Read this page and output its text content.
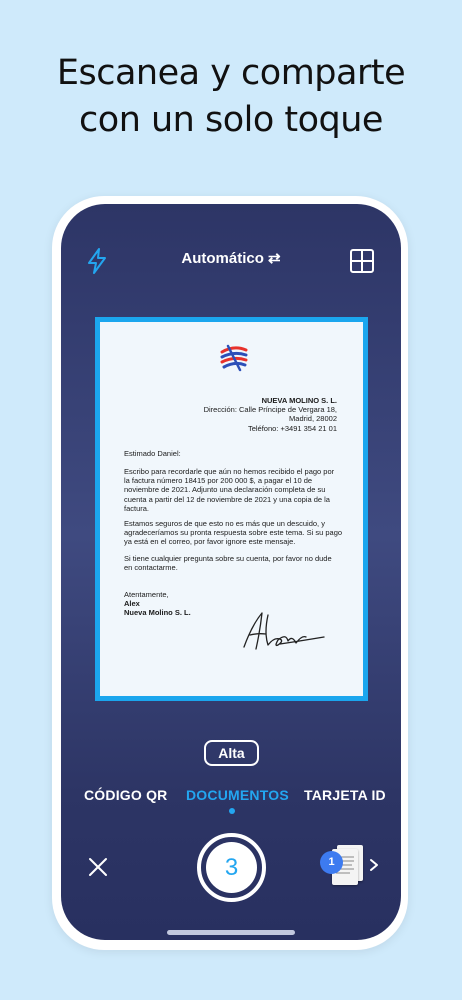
Escanea y comparte
con un solo toque
Automático ⇄
NUEVA MOLINO S. L.
Dirección: Calle Príncipe de Vergara 18,
Madrid, 28002
Teléfono: +3491 354 21 01
Estimado Daniel:
Escribo para recordarle que aún no hemos recibido el pago por
la factura número 18415 por 200 000 $, a pagar el 10 de
noviembre de 2021. Adjunto una declaración completa de su
cuenta a partir del 12 de noviembre de 2021 y una copia de la
factura.
Estamos seguros de que esto no es más que un descuido, y
agradeceríamos su pronta respuesta sobre este tema. Si su pago
ya está en el correo, por favor ignore este mensaje.
Si tiene cualquier pregunta sobre su cuenta, por favor no dude
en contactarme.
Atentamente,
Alex
Nueva Molino S. L.
Alta
CÓDIGO QR DOCUMENTOS TARJETA ID
3	1
